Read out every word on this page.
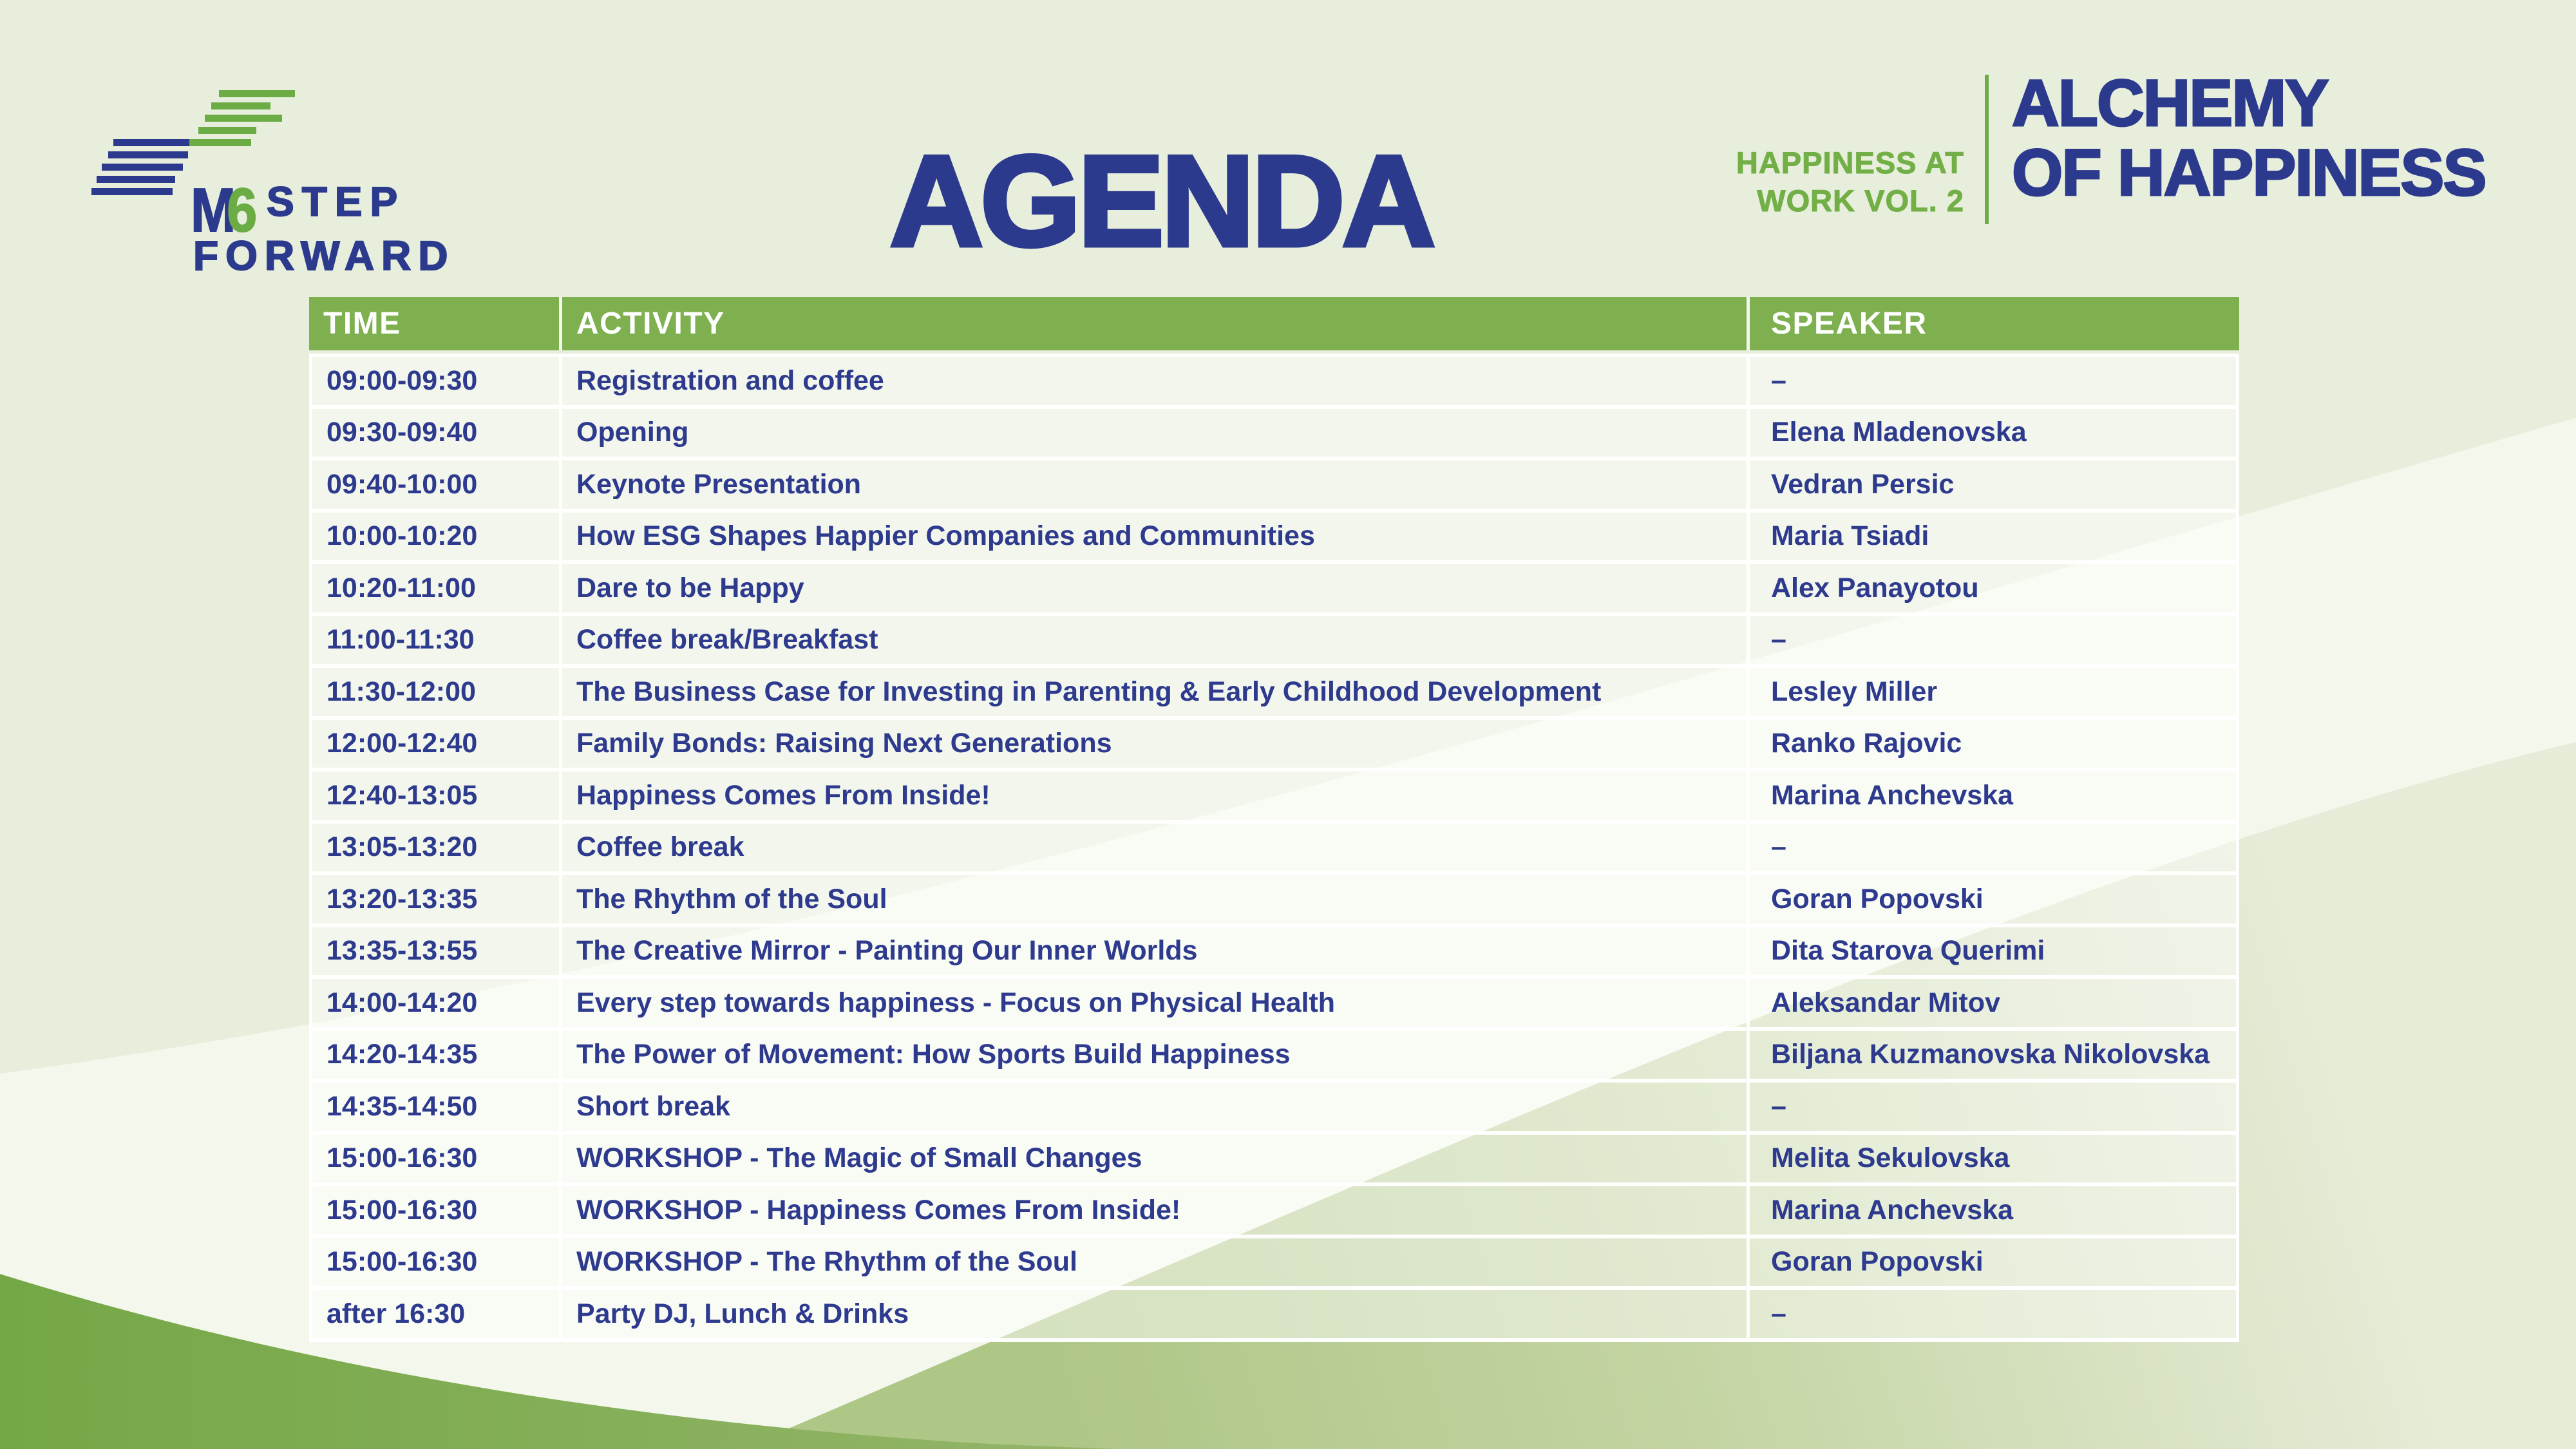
M6 STEP
FORWARD	AGENDA	HAPPINESS AT
WORK VOL. 2
ALCHEMY
OF HAPPINESS
TIME	ACTIVITY	SPEAKER
09:00-09:30	Registration and coffee	–
09:30-09:40	Opening	Elena Mladenovska
09:40-10:00	Keynote Presentation	Vedran Persic
10:00-10:20	How ESG Shapes Happier Companies and Communities	Maria Tsiadi
10:20-11:00	Dare to be Happy	Alex Panayotou
11:00-11:30	Coffee break/Breakfast	–
11:30-12:00	The Business Case for Investing in Parenting & Early Childhood Development	Lesley Miller
12:00-12:40	Family Bonds: Raising Next Generations	Ranko Rajovic
12:40-13:05	Happiness Comes From Inside!	Marina Anchevska
13:05-13:20	Coffee break	–
13:20-13:35	The Rhythm of the Soul	Goran Popovski
13:35-13:55	The Creative Mirror - Painting Our Inner Worlds	Dita Starova Querimi
14:00-14:20	Every step towards happiness - Focus on Physical Health	Aleksandar Mitov
14:20-14:35	The Power of Movement: How Sports Build Happiness	Biljana Kuzmanovska Nikolovska
14:35-14:50	Short break	–
15:00-16:30	WORKSHOP - The Magic of Small Changes	Melita Sekulovska
15:00-16:30	WORKSHOP - Happiness Comes From Inside!	Marina Anchevska
15:00-16:30	WORKSHOP - The Rhythm of the Soul	Goran Popovski
after 16:30	Party DJ, Lunch & Drinks	–
